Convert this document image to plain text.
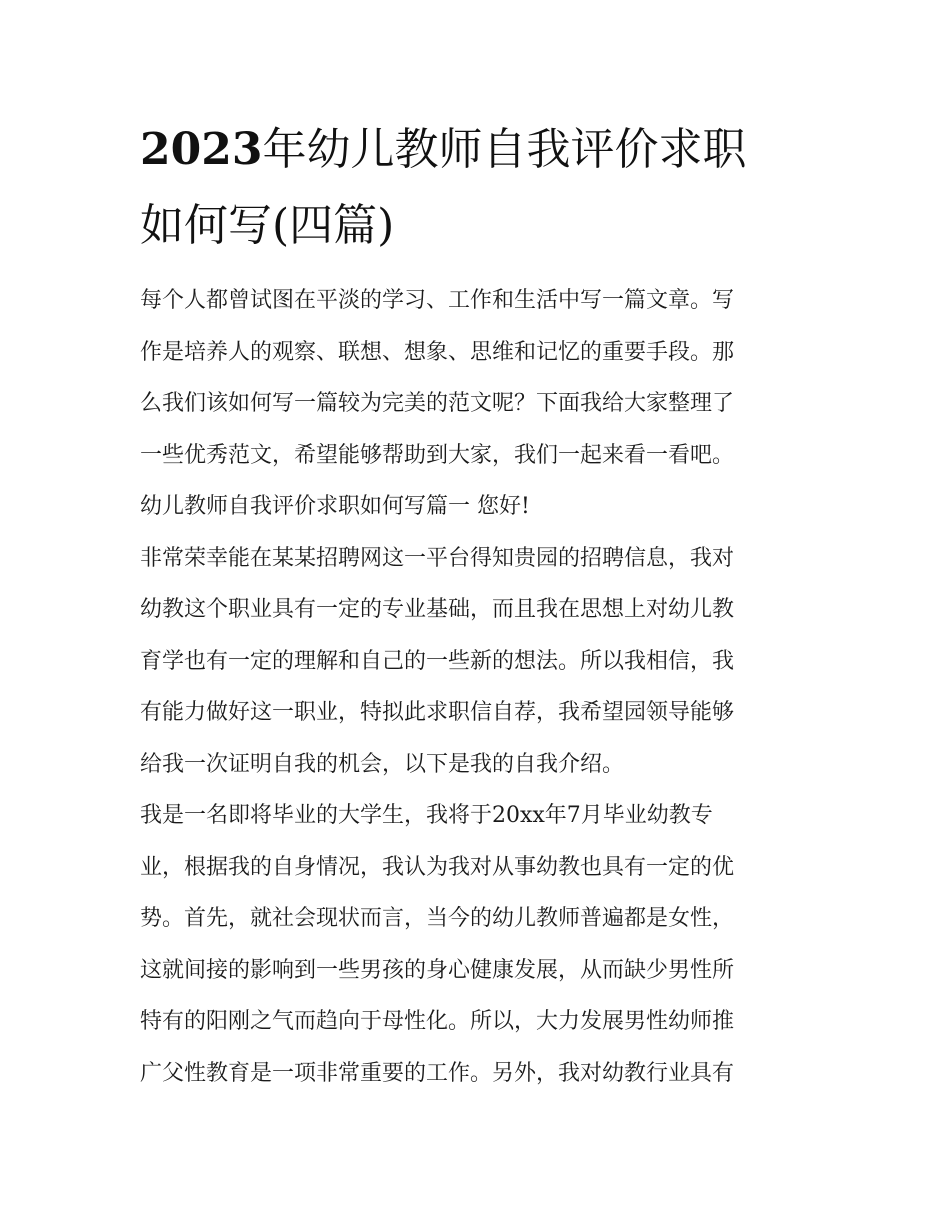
2023年幼儿教师自我评价求职
如何写(四篇)
每个人都曾试图在平淡的学习、工作和生活中写一篇文章。写
作是培养人的观察、联想、想象、思维和记忆的重要手段。那
么我们该如何写一篇较为完美的范文呢？下面我给大家整理了
一些优秀范文，希望能够帮助到大家，我们一起来看一看吧。
幼儿教师自我评价求职如何写篇一 您好!
非常荣幸能在某某招聘网这一平台得知贵园的招聘信息，我对
幼教这个职业具有一定的专业基础，而且我在思想上对幼儿教
育学也有一定的理解和自己的一些新的想法。所以我相信，我
有能力做好这一职业，特拟此求职信自荐，我希望园领导能够
给我一次证明自我的机会，以下是我的自我介绍。
我是一名即将毕业的大学生，我将于20xx年7月毕业幼教专
业，根据我的自身情况，我认为我对从事幼教也具有一定的优
势。首先，就社会现状而言，当今的幼儿教师普遍都是女性，
这就间接的影响到一些男孩的身心健康发展，从而缺少男性所
特有的阳刚之气而趋向于母性化。所以，大力发展男性幼师推
广父性教育是一项非常重要的工作。另外，我对幼教行业具有
